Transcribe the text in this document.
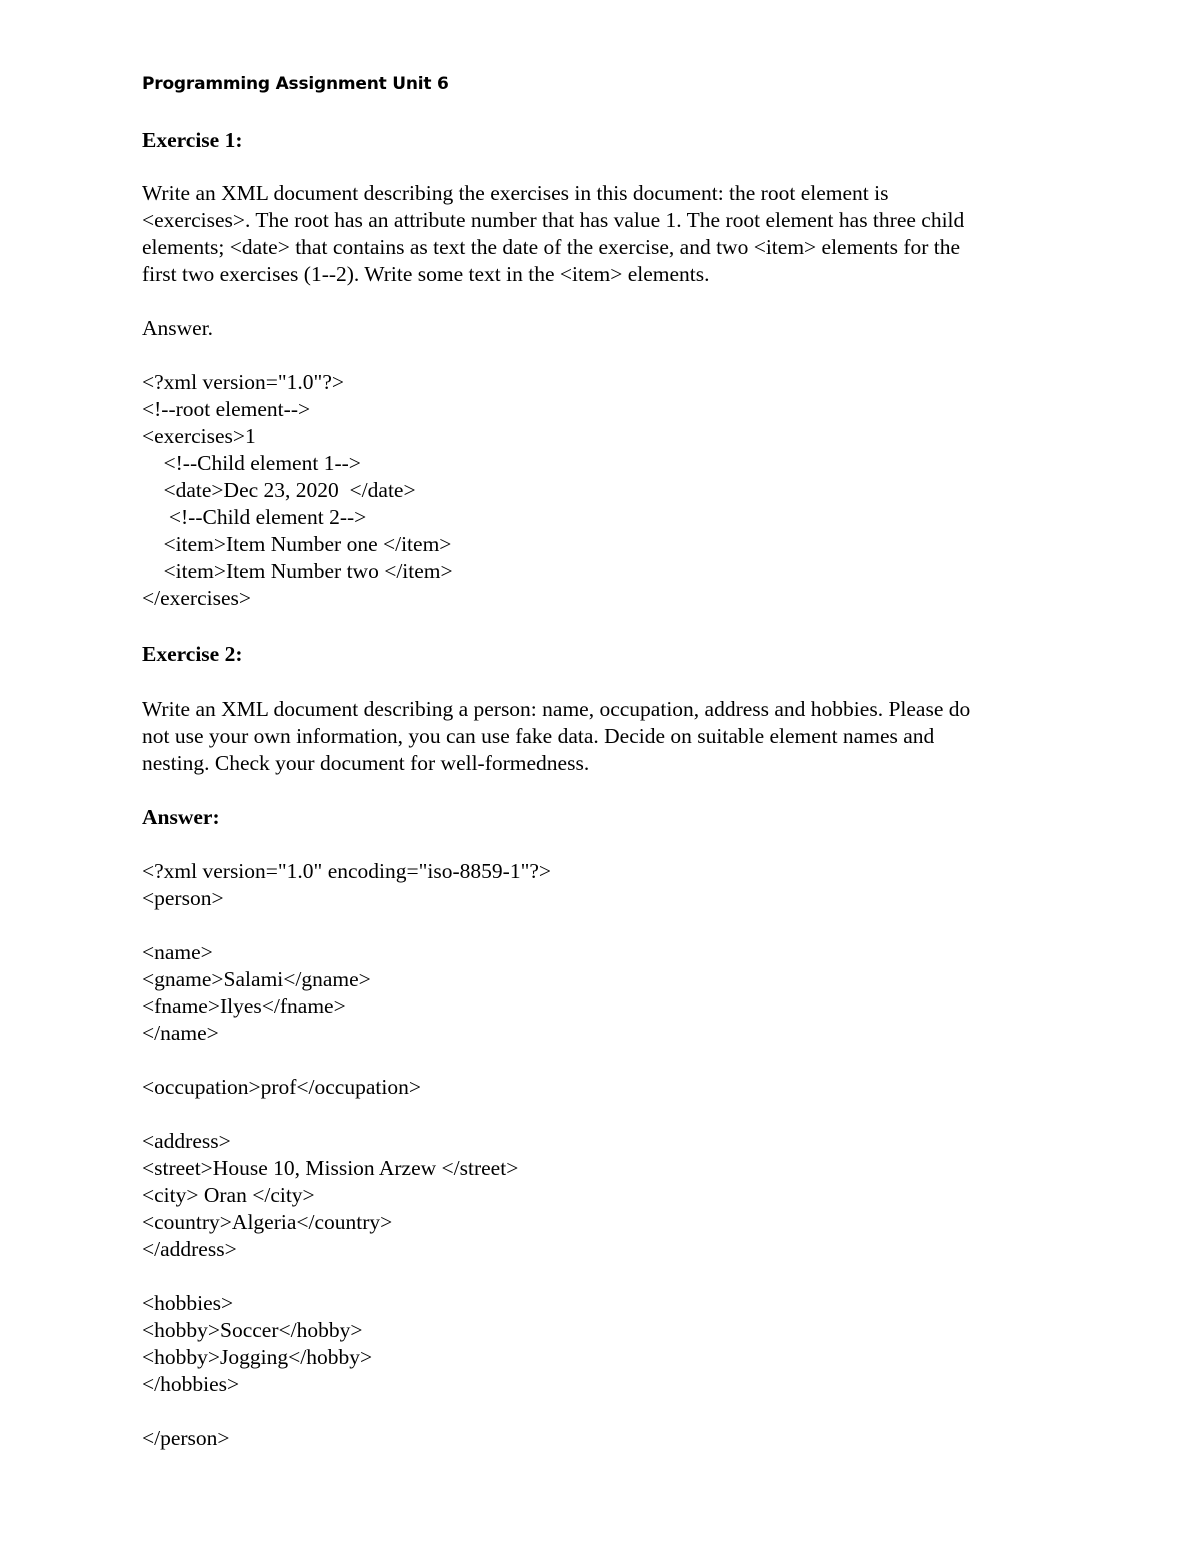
Programming Assignment Unit 6
Exercise 1:
Write an XML document describing the exercises in this document: the root element is
<exercises>. The root has an attribute number that has value 1. The root element has three child
elements; <date> that contains as text the date of the exercise, and two <item> elements for the
first two exercises (1--2). Write some text in the <item> elements.
Answer.
<?xml version="1.0"?>
<!--root element-->
<exercises>1
<!--Child element 1-->
<date>Dec 23, 2020  </date>
<!--Child element 2-->
<item>Item Number one </item>
<item>Item Number two </item>
</exercises>
Exercise 2:
Write an XML document describing a person: name, occupation, address and hobbies. Please do
not use your own information, you can use fake data. Decide on suitable element names and
nesting. Check your document for well-formedness.
Answer:
<?xml version="1.0" encoding="iso-8859-1"?>
<person>
<name>
<gname>Salami</gname>
<fname>Ilyes</fname>
</name>
<occupation>prof</occupation>
<address>
<street>House 10, Mission Arzew </street>
<city> Oran </city>
<country>Algeria</country>
</address>
<hobbies>
<hobby>Soccer</hobby>
<hobby>Jogging</hobby>
</hobbies>
</person>
